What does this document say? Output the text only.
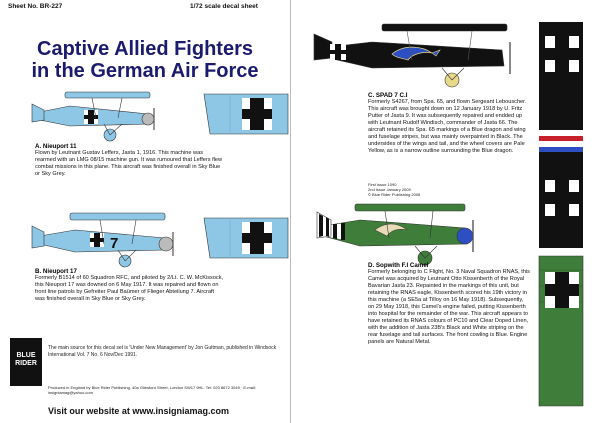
Sheet No. BR-227	1/72 scale decal sheet
Captive Allied Fighters
in the German Air Force
A. Nieuport 11
Flown by Leutnant Gustav Leffers, Jasta 1, 1916. This machine was rearmed with an LMG 08/15 machine gun. It was rumoured that Leffers flew combat missions in this plane. This aircraft was finished overall in Sky Blue or Sky Grey.
7
B. Nieuport 17
Formerly B1514 of 60 Squadron RFC, and piloted by 2/Lt. C. W. McKissock, this Nieuport 17 was downed on 6 May 1917. It was repaired and flown on front line patrols by Gefreiter Paul Baümer of Flieger Abteilung 7. Aircraft was finished overall in Sky Blue or Sky Grey.
BLUE
RIDER
The main source for this decal set is 'Under New Management' by Jon Guttman, published in Windsock International Vol. 7 No. 6 Nov/Dec 1991.
Produced in England by Blue Rider Publishing, 40a Gliesford Street, London SW17 9HL. Tel: 020 8672 3049 · E-mail: insigniamag@yahoo.com
Visit our website at www.insigniamag.com
C. SPAD 7 C.I
Formerly S4267, from Spa. 65, and flown Sergeant Lebouscher. This aircraft was brought down on 12 January 1918 by U. Fritz Putter of Jasta 9. It was subsequently repaired and endded up with Leutnant Rudolf Windisch, commander of Jasta 66. The aircraft retained its Spa. 65 markings of a Blue dragon and wing and fuselage stripes, but was mainly overpainted in Black. The undersides of the wings and tail, and the wheel covers are Pale Yellow, as is a narrow outline surrounding the Blue dragon.
First Issue 1090
2nd Issue January 2009
© Blue Rider Publishing 2008
D. Sopwith F.I Camel
Formerly belonging to C Flight, No. 3 Naval Squadron RNAS, this Camel was acquired by Leutnant Otto Kissenberth of the Royal Bavarian Jasta 23. Repainted in the markings of this unit, but retaining the RNAS eagle, Kissenberth scored his 19th victory in this machine (a SE5a at Tilloy on 16 May 1918). Subsequently, on 29 May 1918, this Camel's engine failed, putting Kissenberth into hospital for the remainder of the war. This aircraft appears to have retained its RNAS colours of PC10 and Clear Doped Linen, with the addition of Jasta 23B's Black and White striping on the rear fuselage and tail surfaces. The front cowling is Blue. Engine panels are Natural Metal.
